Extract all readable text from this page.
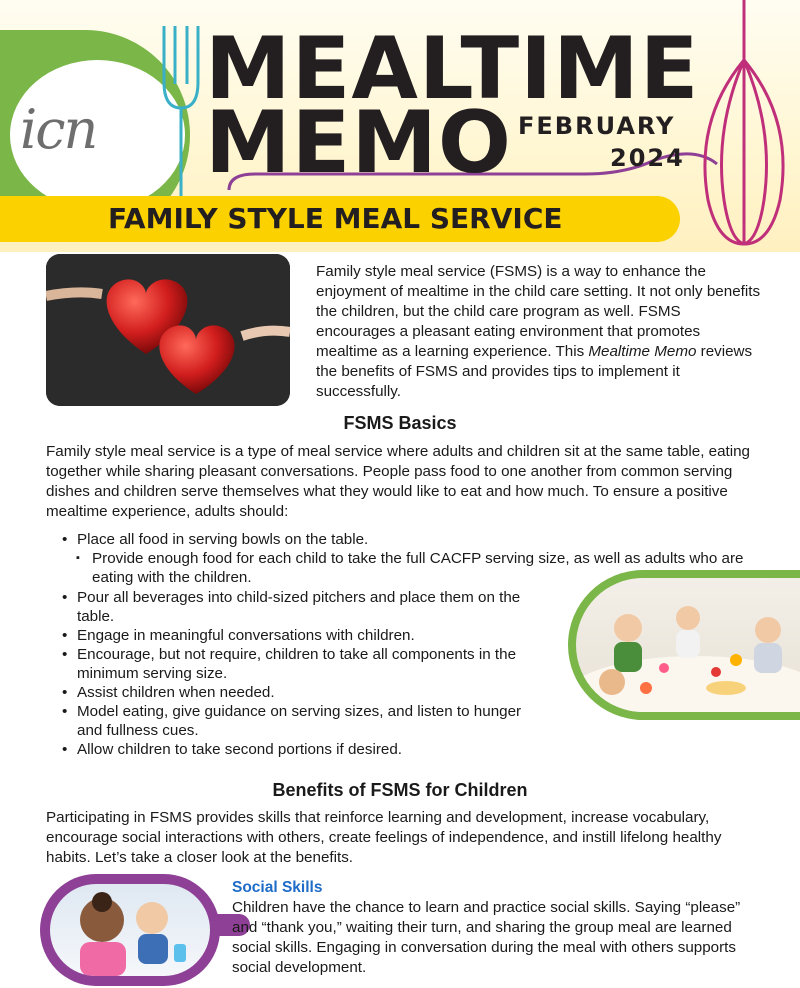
icn
MEALTIME
MEMO FEBRUARY
2024
FAMILY STYLE MEAL SERVICE

Family style meal service (FSMS) is a way to enhance the enjoyment of mealtime in the child care setting. It not only benefits the children, but the child care program as well. FSMS encourages a pleasant eating environment that promotes mealtime as a learning experience. This Mealtime Memo reviews the benefits of FSMS and provides tips to implement it successfully.

FSMS Basics

Family style meal service is a type of meal service where adults and children sit at the same table, eating together while sharing pleasant conversations. People pass food to one another from common serving dishes and children serve themselves what they would like to eat and how much. To ensure a positive mealtime experience, adults should:

• Place all food in serving bowls on the table.
▪ Provide enough food for each child to take the full CACFP serving size, as well as adults who are eating with the children.
• Pour all beverages into child-sized pitchers and place them on the table.
• Engage in meaningful conversations with children.
• Encourage, but not require, children to take all components in the minimum serving size.
• Assist children when needed.
• Model eating, give guidance on serving sizes, and listen to hunger and fullness cues.
• Allow children to take second portions if desired.
Benefits of FSMS for Children

Participating in FSMS provides skills that reinforce learning and development, increase vocabulary, encourage social interactions with others, create feelings of independence, and instill lifelong healthy habits. Let’s take a closer look at the benefits.

Social Skills

Children have the chance to learn and practice social skills. Saying “please” and “thank you,” waiting their turn, and sharing the group meal are learned social skills. Engaging in conversation during the meal with others supports social development.
